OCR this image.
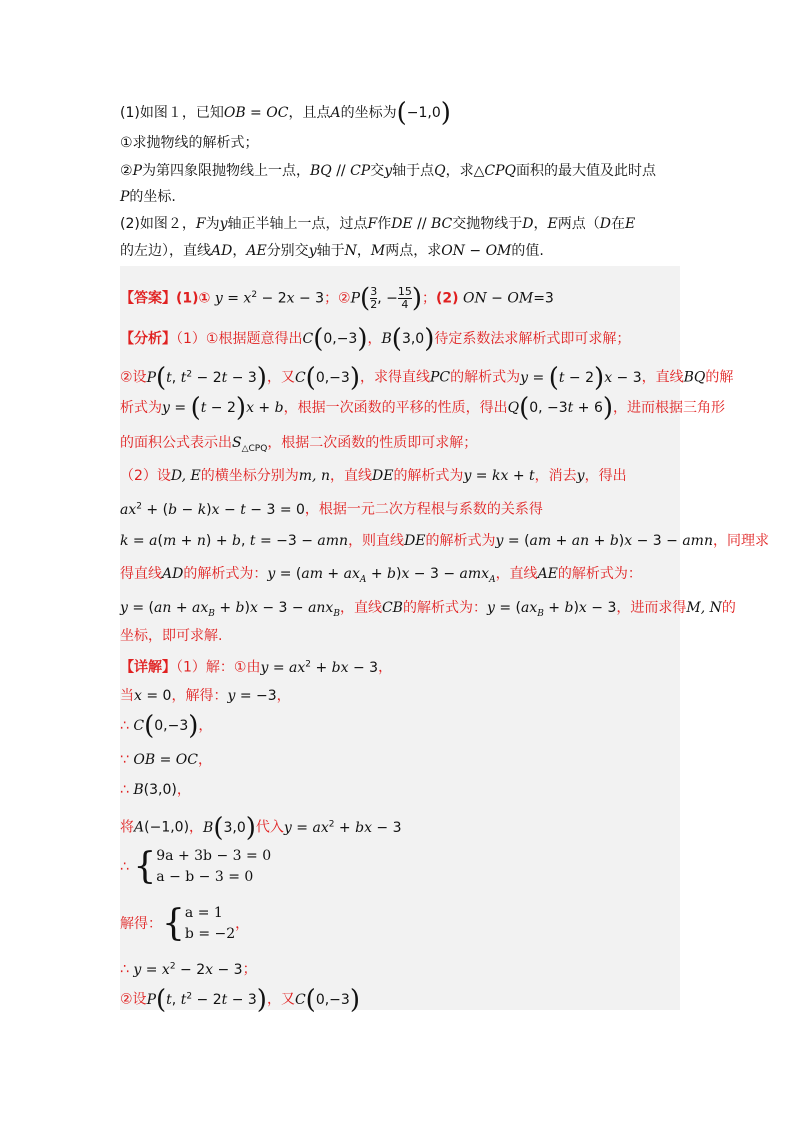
(1)如图１，已知OB = OC，且点A的坐标为(−1,0)
①求抛物线的解析式；
②P为第四象限抛物线上一点，BQ // CP交y轴于点Q，求△CPQ面积的最大值及此时点
P的坐标.
(2)如图２，F为y轴正半轴上一点，过点F作DE // BC交抛物线于D，E两点（D在E
的左边），直线AD，AE分别交y轴于N，M两点，求ON − OM的值.
【答案】(1)① $y = x^2 - 2x - 3$；②P( $\frac{3}{2}$ , − $\frac{15}{4}$ )；(2) ON − OM=3
【分析】（1）①根据题意得出C(0,−3)，B(3,0)待定系数法求解析式即可求解；
②设P(t, $t^2 - 2t - 3$)，又C(0,−3)，求得直线PC的解析式为y = (t − 2)x − 3，直线BQ的解
析式为y = (t − 2)x + b，根据一次函数的平移的性质，得出Q(0, −3t + 6)，进而根据三角形
的面积公式表示出$S_{\triangle CPQ}$，根据二次函数的性质即可求解；
（2）设D, E的横坐标分别为m, n，直线DE的解析式为y = kx + t，消去y，得出
$ax^2 + (b - k)x - t - 3 = 0$，根据一元二次方程根与系数的关系得
k = a(m + n) + b, t = −3 − amn，则直线DE的解析式为y = (am + an + b)x − 3 − amn，同理求
得直线AD的解析式为：$y = (am + ax_A + b)x - 3 - amx_A$，直线AE的解析式为：
$y = (an + ax_B + b)x - 3 - anx_B$，直线CB的解析式为：$y = (ax_B + b)x - 3$，进而求得M, N的
坐标，即可求解.
【详解】（1）解：①由$y = ax^2$ + bx − 3，
当x = 0，解得：y = −3，
∴ C(0,−3)，
∵ OB = OC，
∴ B(3,0)，
将A(−1,0)，B(3,0)代入$y = ax^2$ + bx − 3
∴ { 9a + 3b − 3 = 0
a − b − 3 = 0
解得： { a = 1
b = −2
，
∴ $y = x^2 - 2x - 3$；
②设P(t, $t^2 - 2t - 3$)，又C(0,−3)
